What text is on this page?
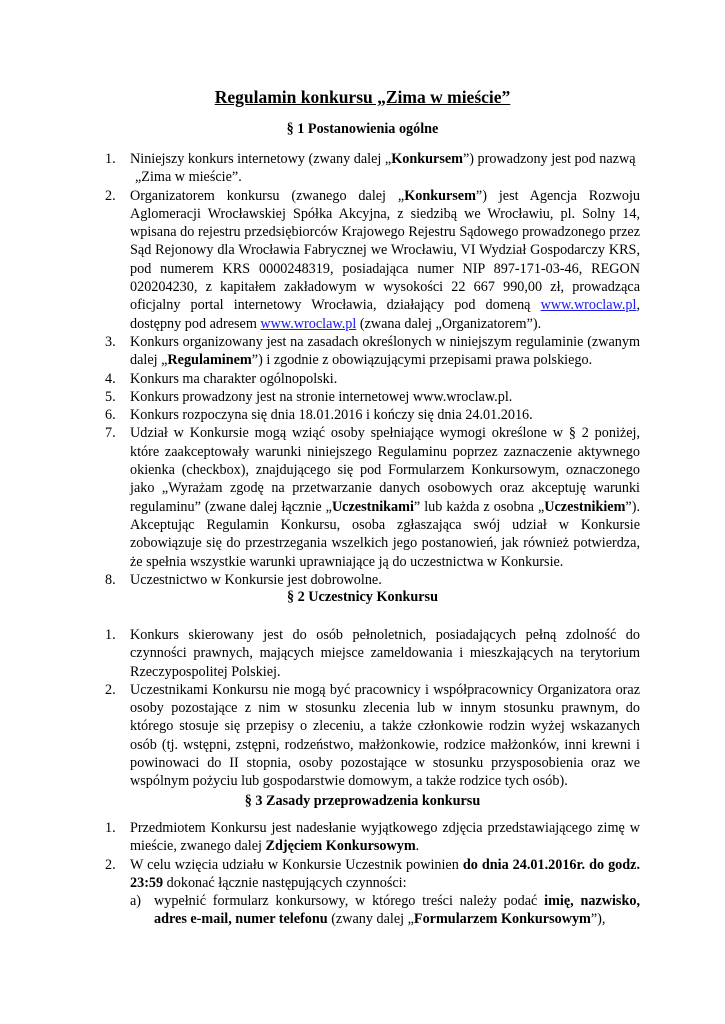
Regulamin konkursu „Zima w mieście”
§ 1 Postanowienia ogólne
1. Niniejszy konkurs internetowy (zwany dalej „Konkursem”) prowadzony jest pod nazwą
„Zima w mieście”.
2. Organizatorem konkursu (zwanego dalej „Konkursem”) jest Agencja Rozwoju Aglomeracji Wrocławskiej Spółka Akcyjna, z siedzibą we Wrocławiu, pl. Solny 14, wpisana do rejestru przedsiębiorców Krajowego Rejestru Sądowego prowadzonego przez Sąd Rejonowy dla Wrocławia Fabrycznej we Wrocławiu, VI Wydział Gospodarczy KRS, pod numerem KRS 0000248319, posiadająca numer NIP 897-171-03-46, REGON 020204230, z kapitałem zakładowym w wysokości 22 667 990,00 zł, prowadząca oficjalny portal internetowy Wrocławia, działający pod domeną www.wroclaw.pl, dostępny pod adresem www.wroclaw.pl (zwana dalej „Organizatorem”).
3. Konkurs organizowany jest na zasadach określonych w niniejszym regulaminie (zwanym dalej „Regulaminem”) i zgodnie z obowiązującymi przepisami prawa polskiego.
4. Konkurs ma charakter ogólnopolski.
5. Konkurs prowadzony jest na stronie internetowej www.wroclaw.pl.
6. Konkurs rozpoczyna się dnia 18.01.2016 i kończy się dnia 24.01.2016.
7. Udział w Konkursie mogą wziąć osoby spełniające wymogi określone w § 2 poniżej, które zaakceptowały warunki niniejszego Regulaminu poprzez zaznaczenie aktywnego okienka (checkbox), znajdującego się pod Formularzem Konkursowym, oznaczonego jako „Wyrażam zgodę na przetwarzanie danych osobowych oraz akceptuję warunki regulaminu” (zwane dalej łącznie „Uczestnikami” lub każda z osobna „Uczestnikiem”). Akceptując Regulamin Konkursu, osoba zgłaszająca swój udział w Konkursie zobowiązuje się do przestrzegania wszelkich jego postanowień, jak również potwierdza, że spełnia wszystkie warunki uprawniające ją do uczestnictwa w Konkursie.
8. Uczestnictwo w Konkursie jest dobrowolne.
§ 2 Uczestnicy Konkursu
1. Konkurs skierowany jest do osób pełnoletnich, posiadających pełną zdolność do czynności prawnych, mających miejsce zameldowania i mieszkających na terytorium Rzeczypospolitej Polskiej.
2. Uczestnikami Konkursu nie mogą być pracownicy i współpracownicy Organizatora oraz osoby pozostające z nim w stosunku zlecenia lub w innym stosunku prawnym, do którego stosuje się przepisy o zleceniu, a także członkowie rodzin wyżej wskazanych osób (tj. wstępni, zstępni, rodzeństwo, małżonkowie, rodzice małżonków, inni krewni i powinowaci do II stopnia, osoby pozostające w stosunku przysposobienia oraz we wspólnym pożyciu lub gospodarstwie domowym, a także rodzice tych osób).
§ 3 Zasady przeprowadzenia konkursu
1. Przedmiotem Konkursu jest nadesłanie wyjątkowego zdjęcia przedstawiającego zimę w mieście, zwanego dalej Zdjęciem Konkursowym.
2. W celu wzięcia udziału w Konkursie Uczestnik powinien do dnia 24.01.2016r. do godz. 23:59 dokonać łącznie następujących czynności:
a) wypełnić formularz konkursowy, w którego treści należy podać imię, nazwisko, adres e-mail, numer telefonu (zwany dalej „Formularzem Konkursowym”),
